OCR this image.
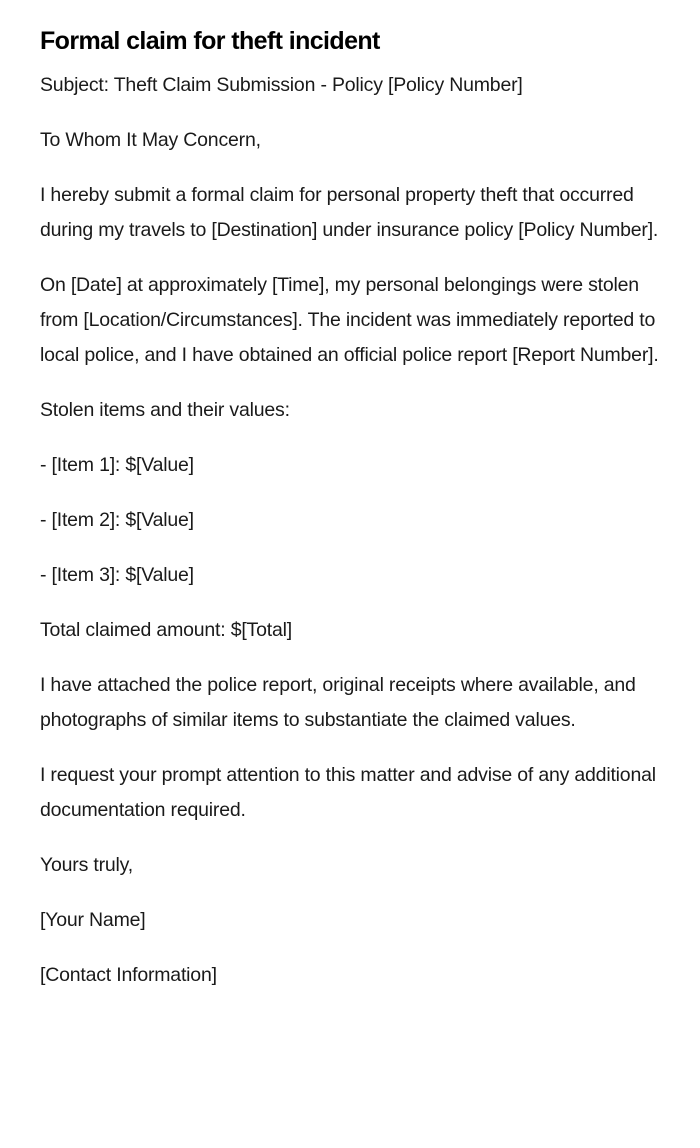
Formal claim for theft incident

Subject: Theft Claim Submission - Policy [Policy Number]

To Whom It May Concern,

I hereby submit a formal claim for personal property theft that occurred during my travels to [Destination] under insurance policy [Policy Number].

On [Date] at approximately [Time], my personal belongings were stolen from [Location/Circumstances]. The incident was immediately reported to local police, and I have obtained an official police report [Report Number].

Stolen items and their values:

- [Item 1]: $[Value]

- [Item 2]: $[Value]

- [Item 3]: $[Value]

Total claimed amount: $[Total]

I have attached the police report, original receipts where available, and photographs of similar items to substantiate the claimed values.

I request your prompt attention to this matter and advise of any additional documentation required.

Yours truly,

[Your Name]

[Contact Information]
